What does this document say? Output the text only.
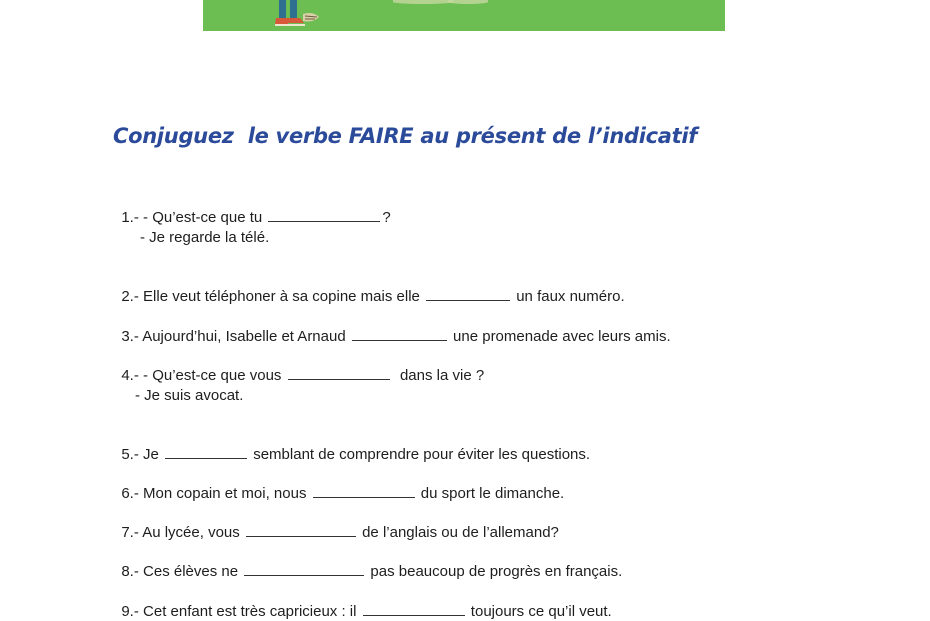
Conjuguez  le verbe FAIRE au présent de l’indicatif

1.- - Qu’est-ce que tu	?

- Je regarde la télé.

2.- Elle veut téléphoner à sa copine mais elle	un faux numéro.

3.- Aujourd’hui, Isabelle et Arnaud	une promenade avec leurs amis.

4.- - Qu’est-ce que vous	dans la vie ?

- Je suis avocat.

5.- Je	semblant de comprendre pour éviter les questions.

6.- Mon copain et moi, nous	du sport le dimanche.

7.- Au lycée, vous	de l’anglais ou de l’allemand?

8.- Ces élèves ne	pas beaucoup de progrès en français.

9.- Cet enfant est très capricieux : il	toujours ce qu’il veut.
